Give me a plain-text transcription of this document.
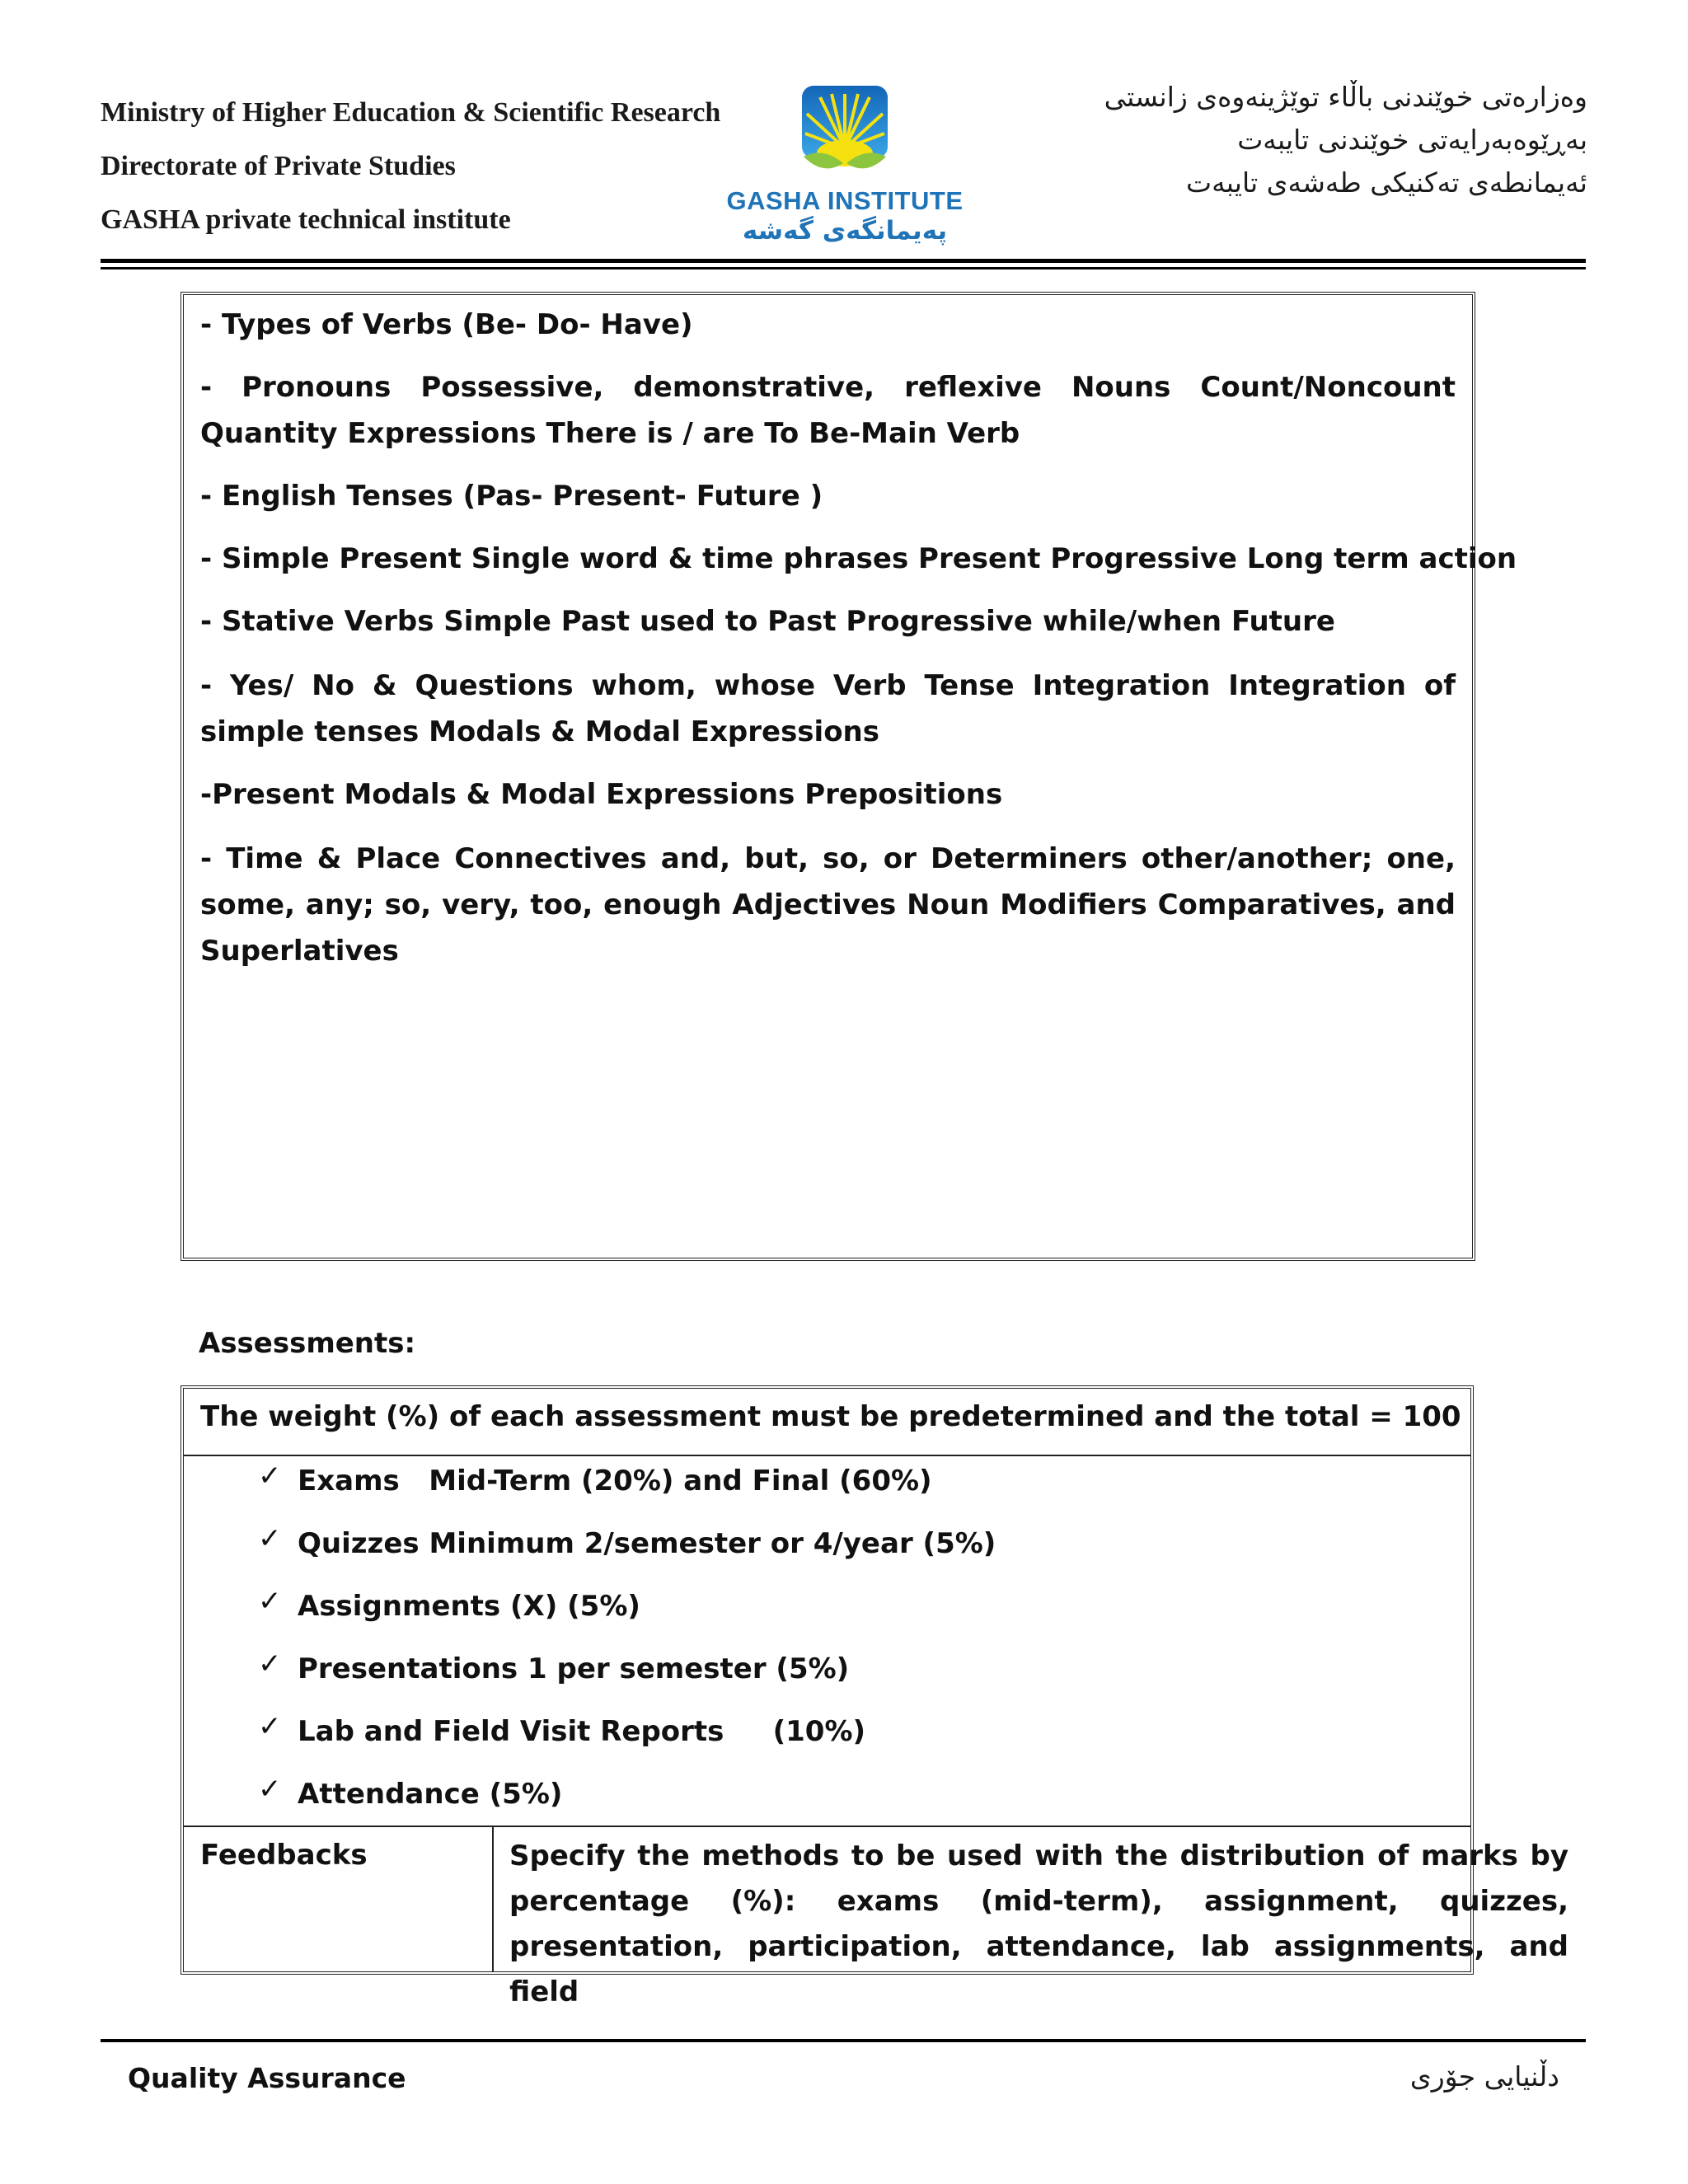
Ministry of Higher Education & Scientific Research
Directorate of Private Studies
GASHA private technical institute
وەزارەتی خوێندنی باڵاء توێژینەوەی زانستی
بەڕێوەبەرایەتی خوێندنی تایبەت
ئەیمانطەی تەکنیکی طەشەی تایبەت
GASHA INSTITUTE
پەیمانگەی گەشە
- Types of Verbs (Be- Do- Have)
- Pronouns Possessive, demonstrative, reflexive Nouns Count/Noncount Quantity Expressions There is / are To Be-Main Verb
- English Tenses (Pas- Present- Future )
- Simple Present Single word & time phrases Present Progressive Long term action
- Stative Verbs Simple Past used to Past Progressive while/when Future
- Yes/ No & Questions whom, whose Verb Tense Integration Integration of simple tenses Modals & Modal Expressions
-Present Modals & Modal Expressions Prepositions
- Time & Place Connectives and, but, so, or Determiners other/another; one, some, any; so, very, too, enough Adjectives Noun Modifiers Comparatives, and Superlatives
Assessments:
The weight (%) of each assessment must be predetermined and the total = 100
✓ Exams   Mid-Term (20%) and Final (60%)
✓ Quizzes Minimum 2/semester or 4/year (5%)
✓ Assignments (X) (5%)
✓ Presentations 1 per semester (5%)
✓ Lab and Field Visit Reports     (10%)
✓ Attendance (5%)
Feedbacks	Specify the methods to be used with the distribution of marks by percentage (%): exams (mid-term), assignment, quizzes, presentation, participation, attendance, lab assignments, and field
Quality Assurance	دڵنیایی جۆری
